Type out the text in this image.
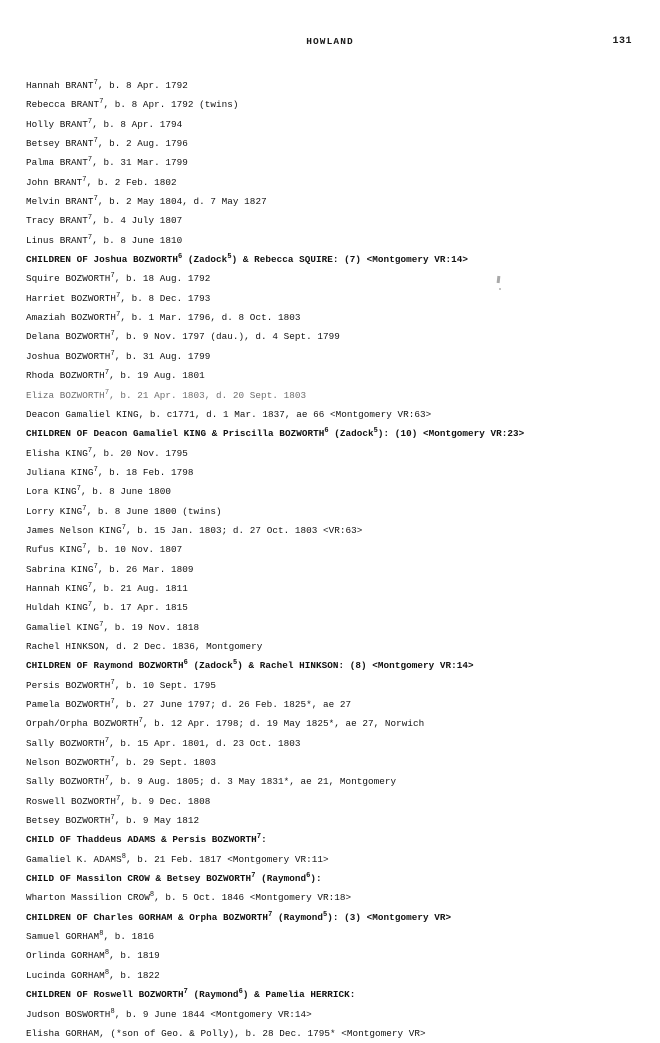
HOWLAND	131
Hannah BRANT$^7$, b. 8 Apr. 1792
Rebecca BRANT$^7$, b. 8 Apr. 1792 (twins)
Holly BRANT$^7$, b. 8 Apr. 1794
Betsey BRANT$^7$, b. 2 Aug. 1796
Palma BRANT$^7$, b. 31 Mar. 1799
John BRANT$^7$, b. 2 Feb. 1802
Melvin BRANT$^7$, b. 2 May 1804, d. 7 May 1827
Tracy BRANT$^7$, b. 4 July 1807
Linus BRANT$^7$, b. 8 June 1810
CHILDREN OF Joshua BOZWORTH$^6$ (Zadock$^5$) & Rebecca SQUIRE: (7) <Montgomery VR:14>
Squire BOZWORTH$^7$, b. 18 Aug. 1792
Harriet BOZWORTH$^7$, b. 8 Dec. 1793
Amaziah BOZWORTH$^7$, b. 1 Mar. 1796, d. 8 Oct. 1803
Delana BOZWORTH$^7$, b. 9 Nov. 1797 (dau.), d. 4 Sept. 1799
Joshua BOZWORTH$^7$, b. 31 Aug. 1799
Rhoda BOZWORTH$^7$, b. 19 Aug. 1801
Eliza BOZWORTH$^7$, b. 21 Apr. 1803, d. 20 Sept. 1803
Deacon Gamaliel KING, b. c1771, d. 1 Mar. 1837, ae 66 <Montgomery VR:63>
CHILDREN OF Deacon Gamaliel KING & Priscilla BOZWORTH$^6$ (Zadock$^5$): (10) <Montgomery VR:23>
Elisha KING$^7$, b. 20 Nov. 1795
Juliana KING$^7$, b. 18 Feb. 1798
Lora KING$^7$, b. 8 June 1800
Lorry KING$^7$, b. 8 June 1800 (twins)
James Nelson KING$^7$, b. 15 Jan. 1803; d. 27 Oct. 1803 <VR:63>
Rufus KING$^7$, b. 10 Nov. 1807
Sabrina KING$^7$, b. 26 Mar. 1809
Hannah KING$^7$, b. 21 Aug. 1811
Huldah KING$^7$, b. 17 Apr. 1815
Gamaliel KING$^7$, b. 19 Nov. 1818
Rachel HINKSON, d. 2 Dec. 1836, Montgomery
CHILDREN OF Raymond BOZWORTH$^6$ (Zadock$^5$) & Rachel HINKSON: (8) <Montgomery VR:14>
Persis BOZWORTH$^7$, b. 10 Sept. 1795
Pamela BOZWORTH$^7$, b. 27 June 1797; d. 26 Feb. 1825*, ae 27
Orpah/Orpha BOZWORTH$^7$, b. 12 Apr. 1798; d. 19 May 1825*, ae 27, Norwich
Sally BOZWORTH$^7$, b. 15 Apr. 1801, d. 23 Oct. 1803
Nelson BOZWORTH$^7$, b. 29 Sept. 1803
Sally BOZWORTH$^7$, b. 9 Aug. 1805; d. 3 May 1831*, ae 21, Montgomery
Roswell BOZWORTH$^7$, b. 9 Dec. 1808
Betsey BOZWORTH$^7$, b. 9 May 1812
CHILD OF Thaddeus ADAMS & Persis BOZWORTH$^7$:
Gamaliel K. ADAMS$^8$, b. 21 Feb. 1817 <Montgomery VR:11>
CHILD OF Massilon CROW & Betsey BOZWORTH$^7$ (Raymond$^6$):
Wharton Massilion CROW$^8$, b. 5 Oct. 1846 <Montgomery VR:18>
CHILDREN OF Charles GORHAM & Orpha BOZWORTH$^7$ (Raymond$^5$): (3) <Montgomery VR>
Samuel GORHAM$^8$, b. 1816
Orlinda GORHAM$^8$, b. 1819
Lucinda GORHAM$^8$, b. 1822
CHILDREN OF Roswell BOZWORTH$^7$ (Raymond$^6$) & Pamelia HERRICK:
Judson BOSWORTH$^8$, b. 9 June 1844 <Montgomery VR:14>
Elisha GORHAM, (*son of Geo. & Polly), b. 28 Dec. 1795* <Montgomery VR>
